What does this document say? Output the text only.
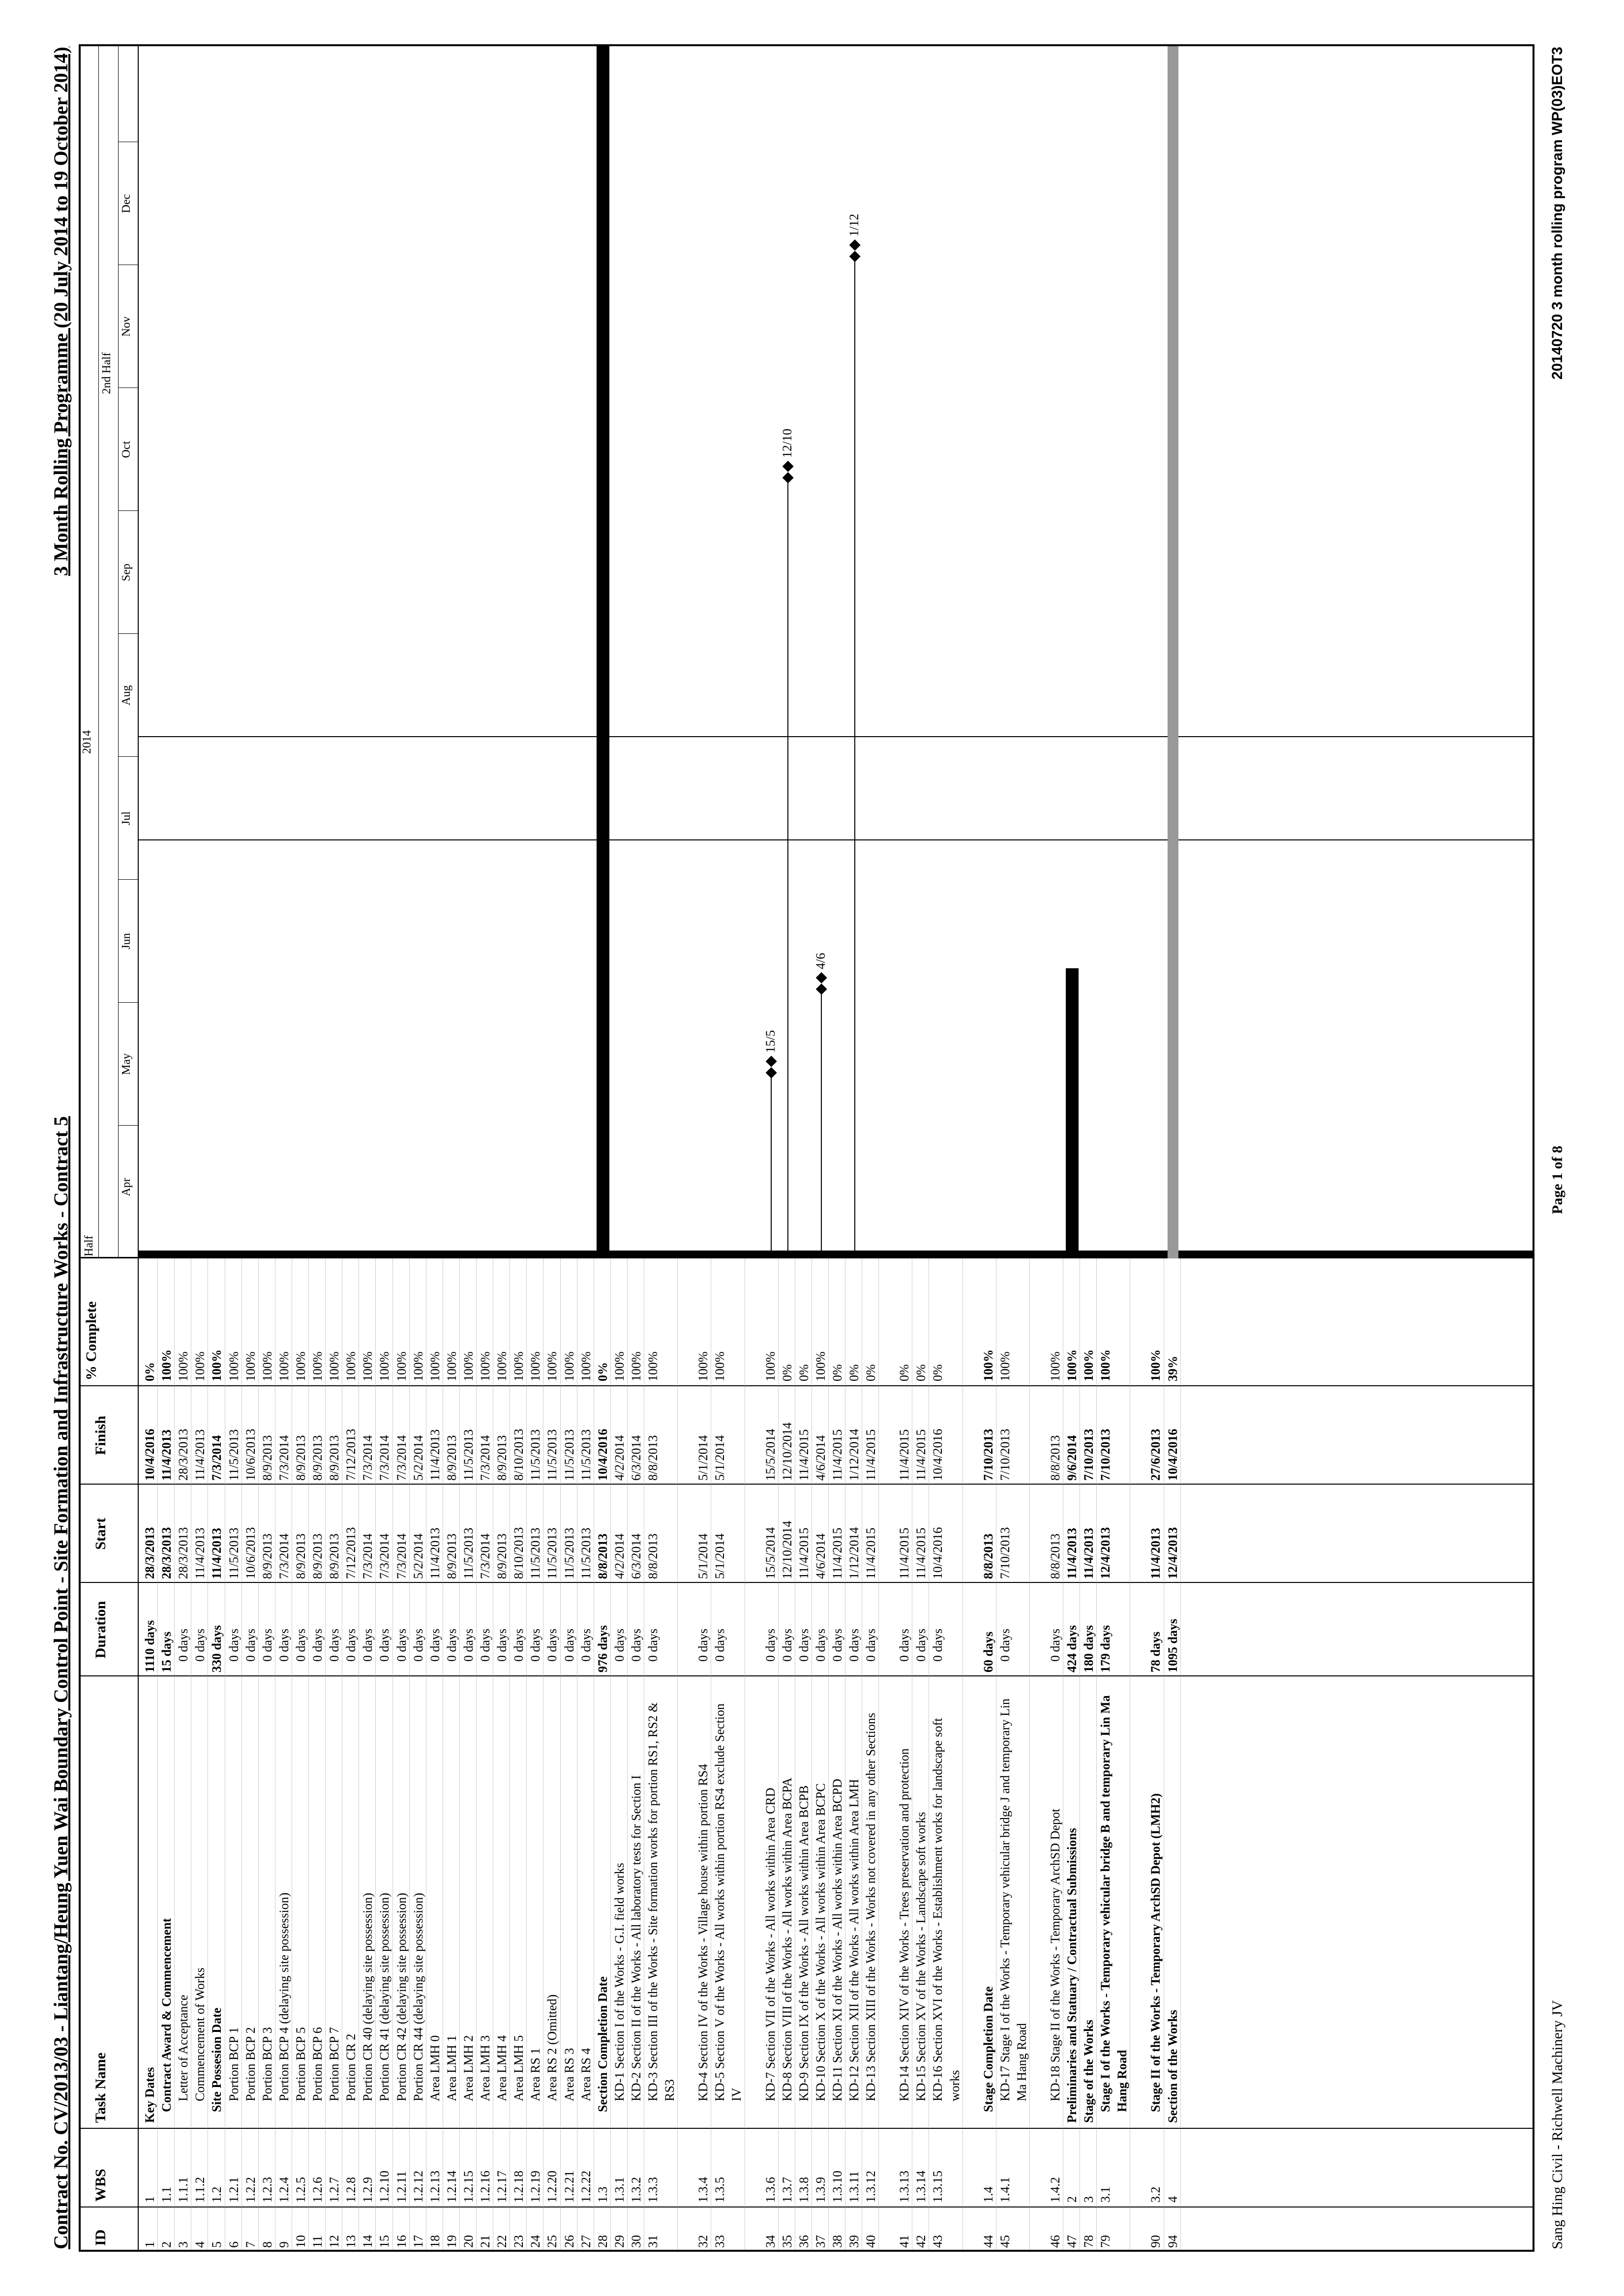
Contract No. CV/2013/03 - Liantang/Heung Yuen Wai Boundary Control Point - Site Formation and Infrastructure Works - Contract 5
3 Month Rolling Programme (20 July 2014 to 19 October 2014)
ID
WBS
Task Name
Duration
Start
Finish
% Complete
Half
2014
2nd Half
Apr
May
Jun
Jul
Aug
Sep
Oct
Nov
Dec
◆◆
15/5
◆◆
12/10
◆◆
4/6
◆◆
1/12
1
1
Key Dates
1110 days
28/3/2013
10/4/2016
0%
2
1.1
Contract Award & Commencement
15 days
28/3/2013
11/4/2013
100%
3
1.1.1
Letter of Acceptance
0 days
28/3/2013
28/3/2013
100%
4
1.1.2
Commencement of Works
0 days
11/4/2013
11/4/2013
100%
5
1.2
Site Possesion Date
330 days
11/4/2013
7/3/2014
100%
6
1.2.1
Portion BCP 1
0 days
11/5/2013
11/5/2013
100%
7
1.2.2
Portion BCP 2
0 days
10/6/2013
10/6/2013
100%
8
1.2.3
Portion BCP 3
0 days
8/9/2013
8/9/2013
100%
9
1.2.4
Portion BCP 4 (delaying site possession)
0 days
7/3/2014
7/3/2014
100%
10
1.2.5
Portion BCP 5
0 days
8/9/2013
8/9/2013
100%
11
1.2.6
Portion BCP 6
0 days
8/9/2013
8/9/2013
100%
12
1.2.7
Portion BCP 7
0 days
8/9/2013
8/9/2013
100%
13
1.2.8
Portion CR 2
0 days
7/12/2013
7/12/2013
100%
14
1.2.9
Portion CR 40 (delaying site possession)
0 days
7/3/2014
7/3/2014
100%
15
1.2.10
Portion CR 41 (delaying site possession)
0 days
7/3/2014
7/3/2014
100%
16
1.2.11
Portion CR 42 (delaying site possession)
0 days
7/3/2014
7/3/2014
100%
17
1.2.12
Portion CR 44 (delaying site possession)
0 days
5/2/2014
5/2/2014
100%
18
1.2.13
Area LMH 0
0 days
11/4/2013
11/4/2013
100%
19
1.2.14
Area LMH 1
0 days
8/9/2013
8/9/2013
100%
20
1.2.15
Area LMH 2
0 days
11/5/2013
11/5/2013
100%
21
1.2.16
Area LMH 3
0 days
7/3/2014
7/3/2014
100%
22
1.2.17
Area LMH 4
0 days
8/9/2013
8/9/2013
100%
23
1.2.18
Area LMH 5
0 days
8/10/2013
8/10/2013
100%
24
1.2.19
Area RS 1
0 days
11/5/2013
11/5/2013
100%
25
1.2.20
Area RS 2 (Omitted)
0 days
11/5/2013
11/5/2013
100%
26
1.2.21
Area RS 3
0 days
11/5/2013
11/5/2013
100%
27
1.2.22
Area RS 4
0 days
11/5/2013
11/5/2013
100%
28
1.3
Section Completion Date
976 days
8/8/2013
10/4/2016
0%
29
1.3.1
KD-1 Section I of the Works - G.I. field works
0 days
4/2/2014
4/2/2014
100%
30
1.3.2
KD-2 Section II of the Works - All laboratory tests for Section I
0 days
6/3/2014
6/3/2014
100%
31
1.3.3
KD-3 Section III of the Works - Site formation works for portion RS1, RS2 &
0 days
8/8/2013
8/8/2013
100%
RS3
32
1.3.4
KD-4 Section IV of the Works - Village house within portion RS4
0 days
5/1/2014
5/1/2014
100%
33
1.3.5
KD-5 Section V of the Works - All works within portion RS4 exclude Section
0 days
5/1/2014
5/1/2014
100%
IV
34
1.3.6
KD-7 Section VII of the Works - All works within Area CRD
0 days
15/5/2014
15/5/2014
100%
35
1.3.7
KD-8 Section VIII of the Works - All works within Area BCPA
0 days
12/10/2014
12/10/2014
0%
36
1.3.8
KD-9 Section IX of the Works - All works within Area BCPB
0 days
11/4/2015
11/4/2015
0%
37
1.3.9
KD-10 Section X of the Works - All works within Area BCPC
0 days
4/6/2014
4/6/2014
100%
38
1.3.10
KD-11 Section XI of the Works - All works within Area BCPD
0 days
11/4/2015
11/4/2015
0%
39
1.3.11
KD-12 Section XII of the Works - All works within Area LMH
0 days
1/12/2014
1/12/2014
0%
40
1.3.12
KD-13 Section XIII of the Works - Works not covered in any other Sections
0 days
11/4/2015
11/4/2015
0%
41
1.3.13
KD-14 Section XIV of the Works - Trees preservation and protection
0 days
11/4/2015
11/4/2015
0%
42
1.3.14
KD-15 Section XV of the Works - Landscape soft works
0 days
11/4/2015
11/4/2015
0%
43
1.3.15
KD-16 Section XVI of the Works - Establishment works for landscape soft
0 days
10/4/2016
10/4/2016
0%
works
44
1.4
Stage Completion Date
60 days
8/8/2013
7/10/2013
100%
45
1.4.1
KD-17 Stage I of the Works - Temporary vehicular bridge J and temporary Lin
0 days
7/10/2013
7/10/2013
100%
Ma Hang Road
46
1.4.2
KD-18 Stage II of the Works - Temporary ArchSD Depot
0 days
8/8/2013
8/8/2013
100%
47
2
Preliminaries and Statuary / Contractual Submissions
424 days
11/4/2013
9/6/2014
100%
78
3
Stage of the Works
180 days
11/4/2013
7/10/2013
100%
79
3.1
Stage I of the Works - Temporary vehicular bridge B and temporary Lin Ma
179 days
12/4/2013
7/10/2013
100%
Hang Road
90
3.2
Stage II of the Works - Temporary ArchSD Depot (LMH2)
78 days
11/4/2013
27/6/2013
100%
94
4
Section of the Works
1095 days
12/4/2013
10/4/2016
39%
Sang Hing Civil - Richwell Machinery JV
Page 1 of 8
20140720 3 month rolling program WP(03)EOT3
